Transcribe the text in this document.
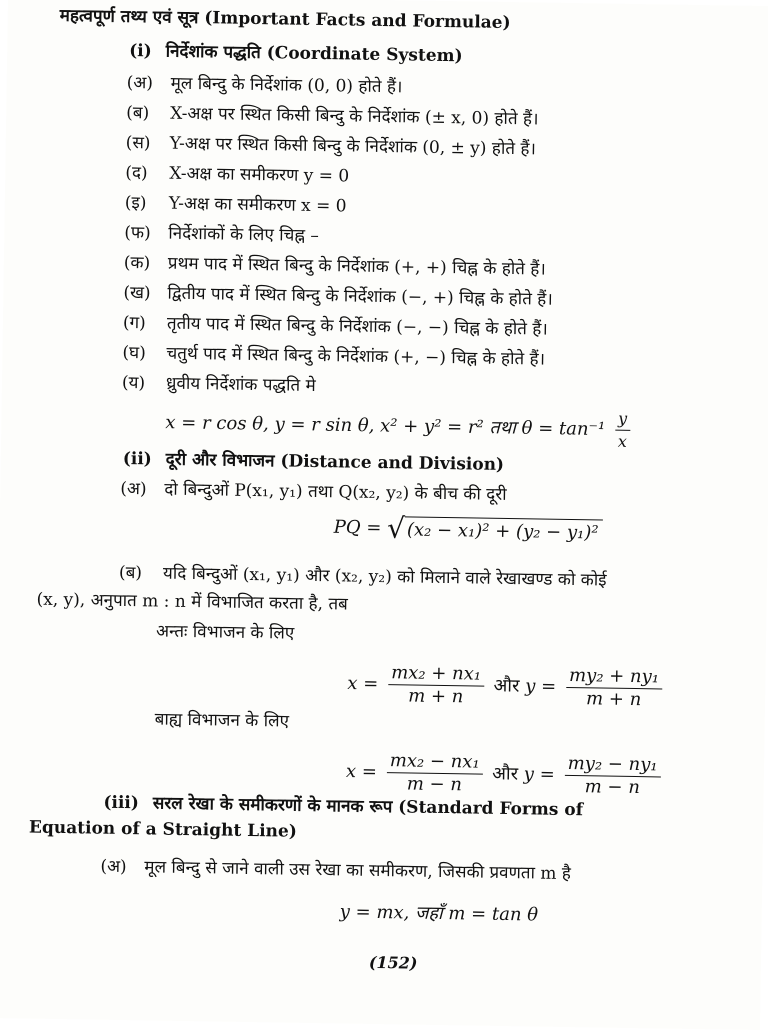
महत्वपूर्ण तथ्य एवं सूत्र (Important Facts and Formulae)
(i) निर्देशांक पद्धति (Coordinate System)
(अ) मूल बिन्दु के निर्देशांक (0, 0) होते हैं।
(ब) X-अक्ष पर स्थित किसी बिन्दु के निर्देशांक (± x, 0) होते हैं।
(स) Y-अक्ष पर स्थित किसी बिन्दु के निर्देशांक (0, ± y) होते हैं।
(द) X-अक्ष का समीकरण y = 0
(इ) Y-अक्ष का समीकरण x = 0
(फ) निर्देशांकों के लिए चिह्न –
(क) प्रथम पाद में स्थित बिन्दु के निर्देशांक (+, +) चिह्न के होते हैं।
(ख) द्वितीय पाद में स्थित बिन्दु के निर्देशांक (−, +) चिह्न के होते हैं।
(ग) तृतीय पाद में स्थित बिन्दु के निर्देशांक (−, −) चिह्न के होते हैं।
(घ) चतुर्थ पाद में स्थित बिन्दु के निर्देशांक (+, −) चिह्न के होते हैं।
(य) ध्रुवीय निर्देशांक पद्धति मे
x = r cos θ, y = r sin θ, x² + y² = r² तथा $\theta = \tan^{-1} \frac{y}{x}$
(ii) दूरी और विभाजन (Distance and Division)
(अ) दो बिन्दुओं P(x₁, y₁) तथा Q(x₂, y₂) के बीच की दूरी
PQ = √(x₂ − x₁)² + (y₂ − y₁)²
(ब) यदि बिन्दुओं (x₁, y₁) और (x₂, y₂) को मिलाने वाले रेखाखण्ड को कोई
(x, y), अनुपात m : n में विभाजित करता है, तब
अन्तः विभाजन के लिए
$x = \frac{\text{mx₂ + nx₁}}{m + n}$ और $y = \frac{\text{my₂ + ny₁}}{m + n}$
बाह्य विभाजन के लिए
$x = \frac{\text{mx₂ − nx₁}}{m - n}$ और $y = \frac{\text{my₂ − ny₁}}{m - n}$
(iii) सरल रेखा के समीकरणों के मानक रूप (Standard Forms of
Equation of a Straight Line)
(अ) मूल बिन्दु से जाने वाली उस रेखा का समीकरण, जिसकी प्रवणता m है
y = mx, जहाँ m = tan θ
(152)
